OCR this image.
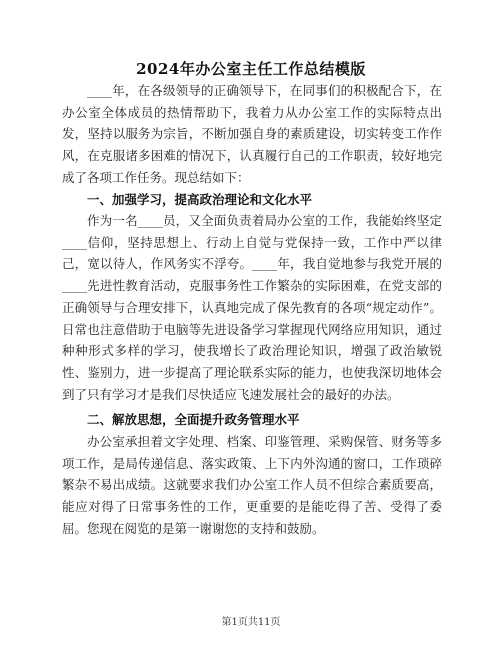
2024年办公室主任工作总结模版

____年，在各级领导的正确领导下，在同事们的积极配合下，在办公室全体成员的热情帮助下，我着力从办公室工作的实际特点出发，坚持以服务为宗旨，不断加强自身的素质建设，切实转变工作作风，在克服诸多困难的情况下，认真履行自己的工作职责，较好地完成了各项工作任务。现总结如下：

一、加强学习，提高政治理论和文化水平

作为一名____员，又全面负责着局办公室的工作，我能始终坚定____信仰，坚持思想上、行动上自觉与党保持一致，工作中严以律己，宽以待人，作风务实不浮夸。____年，我自觉地参与我党开展的____先进性教育活动，克服事务性工作繁杂的实际困难，在党支部的正确领导与合理安排下，认真地完成了保先教育的各项“规定动作”。日常也注意借助于电脑等先进设备学习掌握现代网络应用知识，通过种种形式多样的学习，使我增长了政治理论知识，增强了政治敏锐性、鉴别力，进一步提高了理论联系实际的能力，也使我深切地体会到了只有学习才是我们尽快适应飞速发展社会的最好的办法。

二、解放思想，全面提升政务管理水平

办公室承担着文字处理、档案、印鉴管理、采购保管、财务等多项工作，是局传递信息、落实政策、上下内外沟通的窗口，工作琐碎繁杂不易出成绩。这就要求我们办公室工作人员不但综合素质要高，能应对得了日常事务性的工作，更重要的是能吃得了苦、受得了委屈。您现在阅览的是第一谢谢您的支持和鼓励。

第1页共11页
